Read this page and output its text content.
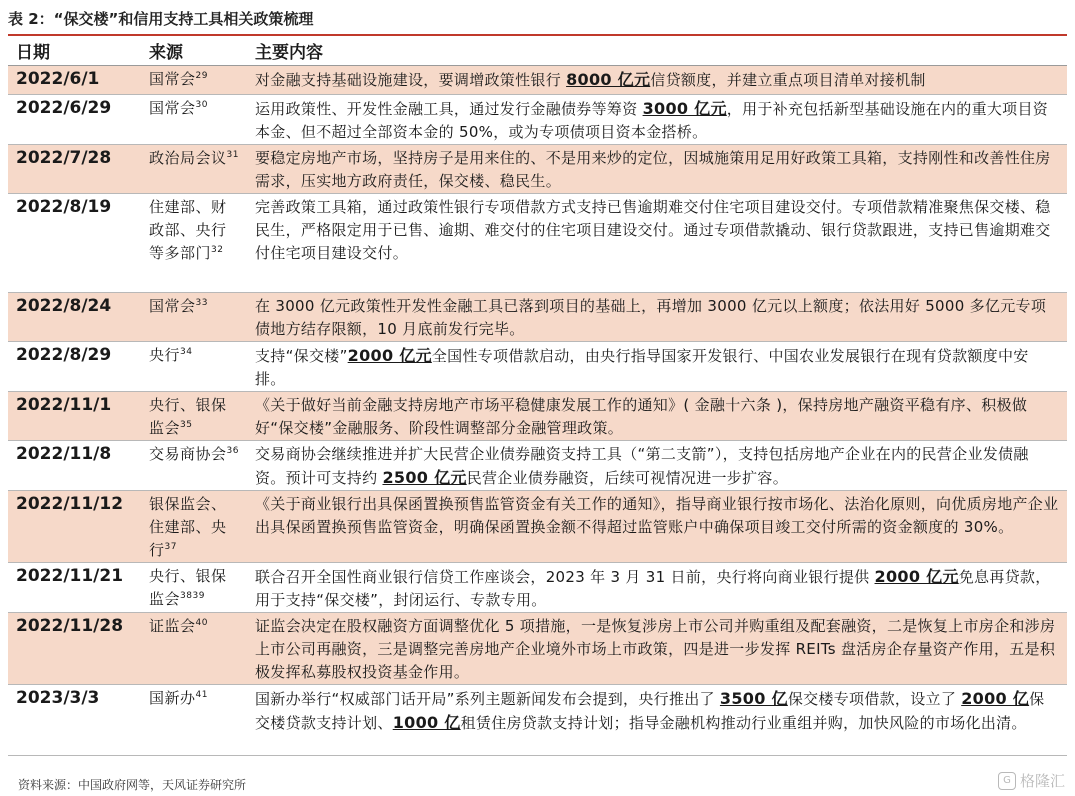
表 2：“保交楼”和信用支持工具相关政策梳理
日期	来源	主要内容
2022/6/1	国常会$^{29}$	对金融支持基础设施建设，要调增政策性银行 8000 亿元信贷额度，并建立重点项目清单对接机制
2022/6/29	国常会$^{30}$	运用政策性、开发性金融工具，通过发行金融债券等筹资 3000 亿元，用于补充包括新型基础设施在内的重大项目资本金、但不超过全部资本金的 50%，或为专项债项目资本金搭桥。
2022/7/28	政治局会议$^{31}$	要稳定房地产市场，坚持房子是用来住的、不是用来炒的定位，因城施策用足用好政策工具箱，支持刚性和改善性住房需求，压实地方政府责任，保交楼、稳民生。
2022/8/19	住建部、财政部、央行等多部门$^{32}$	完善政策工具箱，通过政策性银行专项借款方式支持已售逾期难交付住宅项目建设交付。专项借款精准聚焦保交楼、稳民生，严格限定用于已售、逾期、难交付的住宅项目建设交付。通过专项借款撬动、银行贷款跟进，支持已售逾期难交付住宅项目建设交付。
2022/8/24	国常会$^{33}$	在 3000 亿元政策性开发性金融工具已落到项目的基础上，再增加 3000 亿元以上额度；依法用好 5000 多亿元专项债地方结存限额，10 月底前发行完毕。
2022/8/29	央行$^{34}$	支持“保交楼”2000 亿元全国性专项借款启动，由央行指导国家开发银行、中国农业发展银行在现有贷款额度中安排。
2022/11/1	央行、银保监会$^{35}$	《关于做好当前金融支持房地产市场平稳健康发展工作的通知》( 金融十六条 )，保持房地产融资平稳有序、积极做好“保交楼”金融服务、阶段性调整部分金融管理政策。
2022/11/8	交易商协会$^{36}$	交易商协会继续推进并扩大民营企业债券融资支持工具（“第二支箭”），支持包括房地产企业在内的民营企业发债融资。预计可支持约 2500 亿元民营企业债券融资，后续可视情况进一步扩容。
2022/11/12	银保监会、住建部、央行$^{37}$	《关于商业银行出具保函置换预售监管资金有关工作的通知》，指导商业银行按市场化、法治化原则，向优质房地产企业出具保函置换预售监管资金，明确保函置换金额不得超过监管账户中确保项目竣工交付所需的资金额度的 30%。
2022/11/21	央行、银保监会$^{3839}$	联合召开全国性商业银行信贷工作座谈会，2023 年 3 月 31 日前，央行将向商业银行提供 2000 亿元免息再贷款，用于支持“保交楼”，封闭运行、专款专用。
2022/11/28	证监会$^{40}$	证监会决定在股权融资方面调整优化 5 项措施，一是恢复涉房上市公司并购重组及配套融资，二是恢复上市房企和涉房上市公司再融资，三是调整完善房地产企业境外市场上市政策，四是进一步发挥 REITs 盘活房企存量资产作用，五是积极发挥私募股权投资基金作用。
2023/3/3	国新办$^{41}$	国新办举行“权威部门话开局”系列主题新闻发布会提到，央行推出了 3500 亿保交楼专项借款，设立了 2000 亿保交楼贷款支持计划、1000 亿租赁住房贷款支持计划；指导金融机构推动行业重组并购，加快风险的市场化出清。
资料来源：中国政府网等，天风证券研究所	G 格隆汇
